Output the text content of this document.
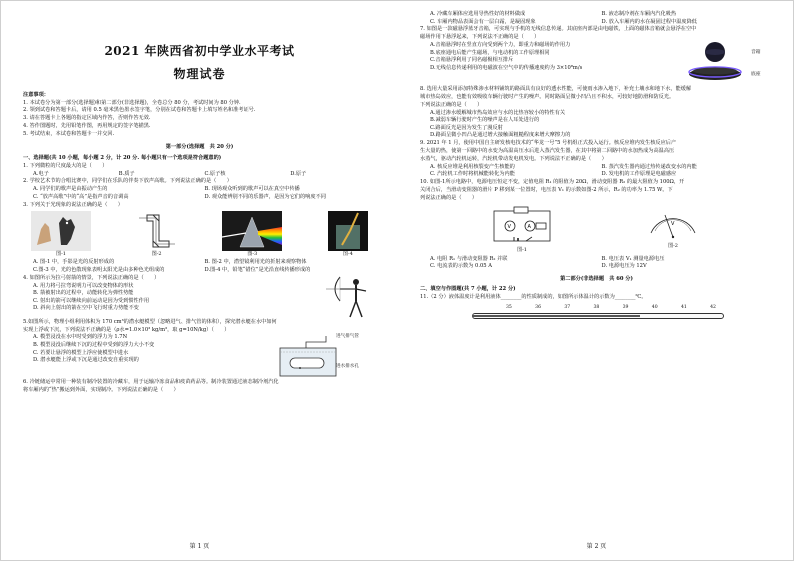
2021 年陕西省初中学业水平考试
物理试卷
注意事项：
1. 本试卷分为第一部分(选择题)和第二部分(非选择题)，全卷总分 80 分，考试时间为 80 分钟.
2. 领到试卷和答题卡后，请用 0.5 毫米黑色墨水签字笔，分别在试卷和答题卡上填写姓名和准考证号.
3. 请在答题卡上各题的指定区域内作答，否则作答无效.
4. 答作图题时，先用铅笔作图，再用规定的签字笔描黑.
5. 考试结束，本试卷和答题卡一并交回.
第一部分(选择题　共 20 分)
一、选择题(共 10 小题，每小题 2 分，计 20 分. 每小题只有一个选项是符合题意的)
1. 下列微粒的尺度最大的是（　　）
A.电子	B.质子	C.原子核	D.原子
2. 学校艺术节的合唱比赛中，同学们在乐队的伴奏下放声高歌。下列说法正确的是（　　）
A. 同学们的歌声是由振动产生的	B. 现场观众听到的歌声可以在真空中传播
C. “放声高歌”中的“高”是指声音的音调高	D. 观众能辨别不同的乐器声，是因为它们的响度不同
3. 下列关于光现象的说法正确的是（　　）
图-1	图-2	图-3	图-4
A. 图-1 中，手影是光的反射形成的	B. 图-2 中，潜望镜利用光的折射来观察物体
C.图-3 中，光的色散现象表明太阳光是由多种色光组成的	D.图-4 中，铅笔“错位”是光沿直线传播形成的
4. 如图所示为拉弓射箭的情景，下列说法正确的是（　　）
A. 用力将弓拉弯说明力可以改变物体的形状
B. 箭被射出的过程中，动能转化为弹性势能
C. 射出的箭可以继续向前运动是因为受到惯性作用
D. 斜向上射出的箭在空中飞行时重力势能不变
5.如图所示，物理小组利用体积为 170 cm³的潜水艇模型（忽略进气、排气管的体积），探究潜水艇在水中如何
实现上浮或下沉，下列说法不正确的是（ρ水=1.0×10³ kg/m³，取 g=10N/kg）（　　）
A. 模型浸没在水中时受到的浮力为 1.7N
B. 模型浸没后继续下沉的过程中受到的浮力大小不变
C. 若要让悬浮的模型上浮应使模型中进水
D. 潜水艇能上浮或下沉是通过改变自重实现的
进气排气管
进水排水孔
6. 冷链储运中常用一种装有制冷装置的冷藏车，用于运输冷冻食品和疫苗药品等。制冷装置通过液态制冷剂汽化
将车厢内的“热”搬运到外面，实现制冷。下列说法正确的是（　　）
第 1 页
A. 冷藏车厢体应选用导热性好的材料做成	B. 液态制冷剂在车厢内汽化吸热
C. 车厢内物品表面会有一层白霜，是凝固现象	D. 放入车厢内的水在凝固过程中温度降低
7. 如图是一款磁悬浮蓝牙音箱，可实现与手机的无线信息传递。其底座内部是由电磁铁，上面的磁体音箱就会悬浮在空中
磁场作用下悬浮起来，下列说法不正确的是（　　）
A.音箱悬浮时在竖直方向受到两个力，即重力和磁场的作用力
B.底座通电后能产生磁场，与电动机的工作原理相同
C.音箱悬浮利用了同名磁极相互排斥
D.无线信息传递利用的电磁波在空气中的传播速度约为 3×10⁸m/s
音箱
底座
8. 选用大量采用添加特殊渗水材料铺筑的路面具有良好的透水性能，可使雨水渗入地下，补充土壤水和地下水，能缓解
城市热岛效应，也能有效吸收车辆行驶时产生的噪声。同时路面呈微小凹凸且不积水，可较好地防滑和防反光。
下列说法正确的是（　　）
A.通过渗水缓解城市热岛效应与水的比热容较小的特性有关
B.减弱车辆行驶时产生的噪声是在人耳处进行的
C.路面反光是因为发生了漫反射
D.路面呈微小凹凸是通过增大接触面粗糙程度来增大摩擦力的
9. 2021 年 1 月，使用中国自主研发核电技术的“华龙一号”5 号机组正式投入运行。核反应堆内发生核反应后产
生大量的热，使第一回路中的水变为高温高压水后进入蒸汽发生器，在其中将第二回路中的水加热成为高温高压
水蒸气，驱动汽轮机运转，汽轮机带动发电机发电。下列说法不正确的是（　　）
A. 核反应堆是利用核裂变产生核能的	B. 蒸汽发生器内通过热传递改变水的内能
C. 汽轮机工作时将机械能转化为内能	D. 发电机的工作原理是电磁感应
10. 如图-1所示电路中，电源电压恒定不变，定值电阻 R₁ 的阻值为 20Ω，滑动变阻器 R₂ 的最大阻值为 100Ω，开
关闭合后，当滑动变阻器的滑片 P 移到某一位置时，电压表 V₁ 的示数如图-2 所示，R₂ 的功率为 1.75 W。下
列说法正确的是（　　）
V	A
图-1
V
图-2
A. 电阻 R₁ 与滑动变阻器 R₂ 并联	B. 电压表 V₁ 测量电源电压
C. 电流表的示数为 0.05 A	D. 电源电压为 12V
第二部分(非选择题　共 60 分)
二、填空与作图题(共 7 小题，计 22 分)
11.（2 分）液体温度计是利用液体________的性质制成的，如图所示体温计的示数为________℃。
35	36	37	38	39	40	41	42
第 2 页
